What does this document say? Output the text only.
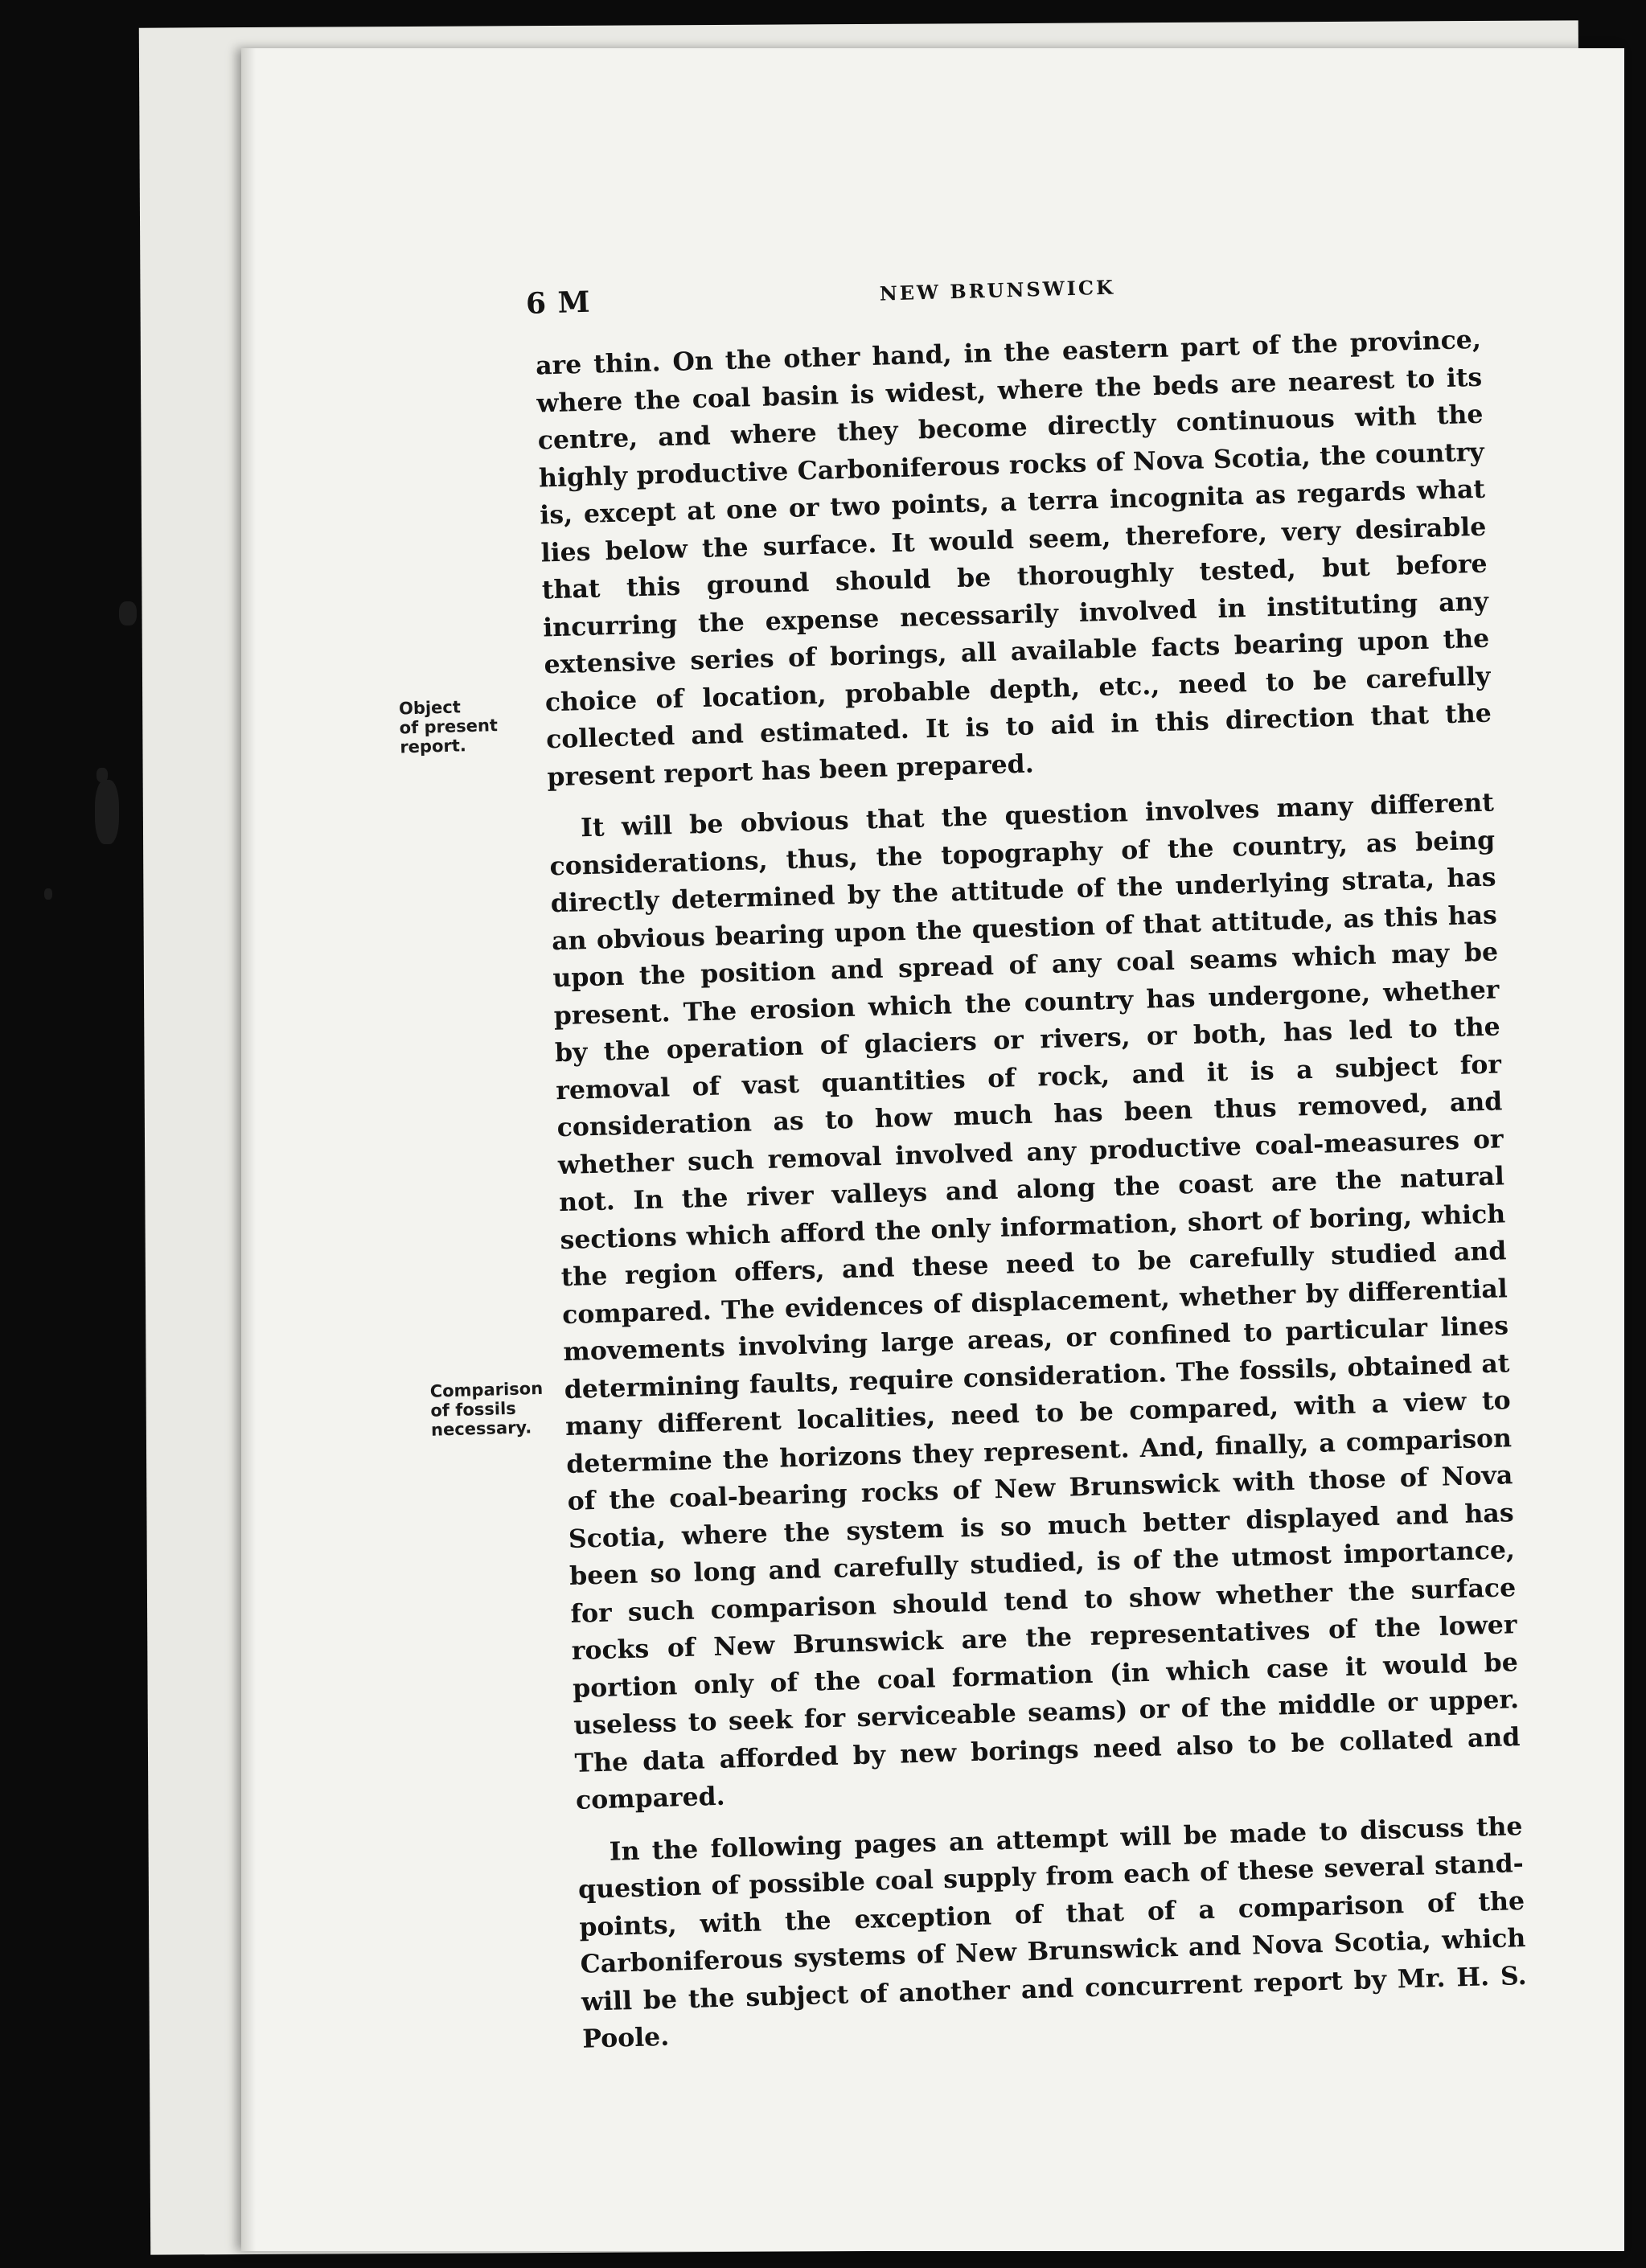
6 M	NEW BRUNSWICK
Object
of present
report.
Comparison
of fossils
necessary.

are thin. On the other hand, in the eastern part of the province, where the coal basin is widest, where the beds are nearest to its centre, and where they become directly continuous with the highly productive Carboniferous rocks of Nova Scotia, the country is, except at one or two points, a terra incognita as regards what lies below the surface. It would seem, therefore, very desirable that this ground should be thoroughly tested, but before incurring the expense necessarily involved in instituting any extensive series of borings, all available facts bearing upon the choice of location, probable depth, etc., need to be carefully collected and estimated. It is to aid in this direction that the present report has been prepared.

It will be obvious that the question involves many different considerations, thus, the topography of the country, as being directly determined by the attitude of the underlying strata, has an obvious bearing upon the question of that attitude, as this has upon the position and spread of any coal seams which may be present. The erosion which the country has undergone, whether by the operation of glaciers or rivers, or both, has led to the removal of vast quantities of rock, and it is a subject for consideration as to how much has been thus removed, and whether such removal involved any productive coal-measures or not. In the river valleys and along the coast are the natural sections which afford the only information, short of boring, which the region offers, and these need to be carefully studied and compared. The evidences of displacement, whether by differential movements involving large areas, or confined to particular lines determining faults, require consideration. The fossils, obtained at many different localities, need to be compared, with a view to determine the horizons they represent. And, finally, a comparison of the coal-bearing rocks of New Brunswick with those of Nova Scotia, where the system is so much better displayed and has been so long and carefully studied, is of the utmost importance, for such comparison should tend to show whether the surface rocks of New Brunswick are the representatives of the lower portion only of the coal formation (in which case it would be useless to seek for serviceable seams) or of the middle or upper. The data afforded by new borings need also to be collated and compared.

In the following pages an attempt will be made to discuss the question of possible coal supply from each of these several stand-points, with the exception of that of a comparison of the Carboniferous systems of New Brunswick and Nova Scotia, which will be the subject of another and concurrent report by Mr. H. S. Poole.
